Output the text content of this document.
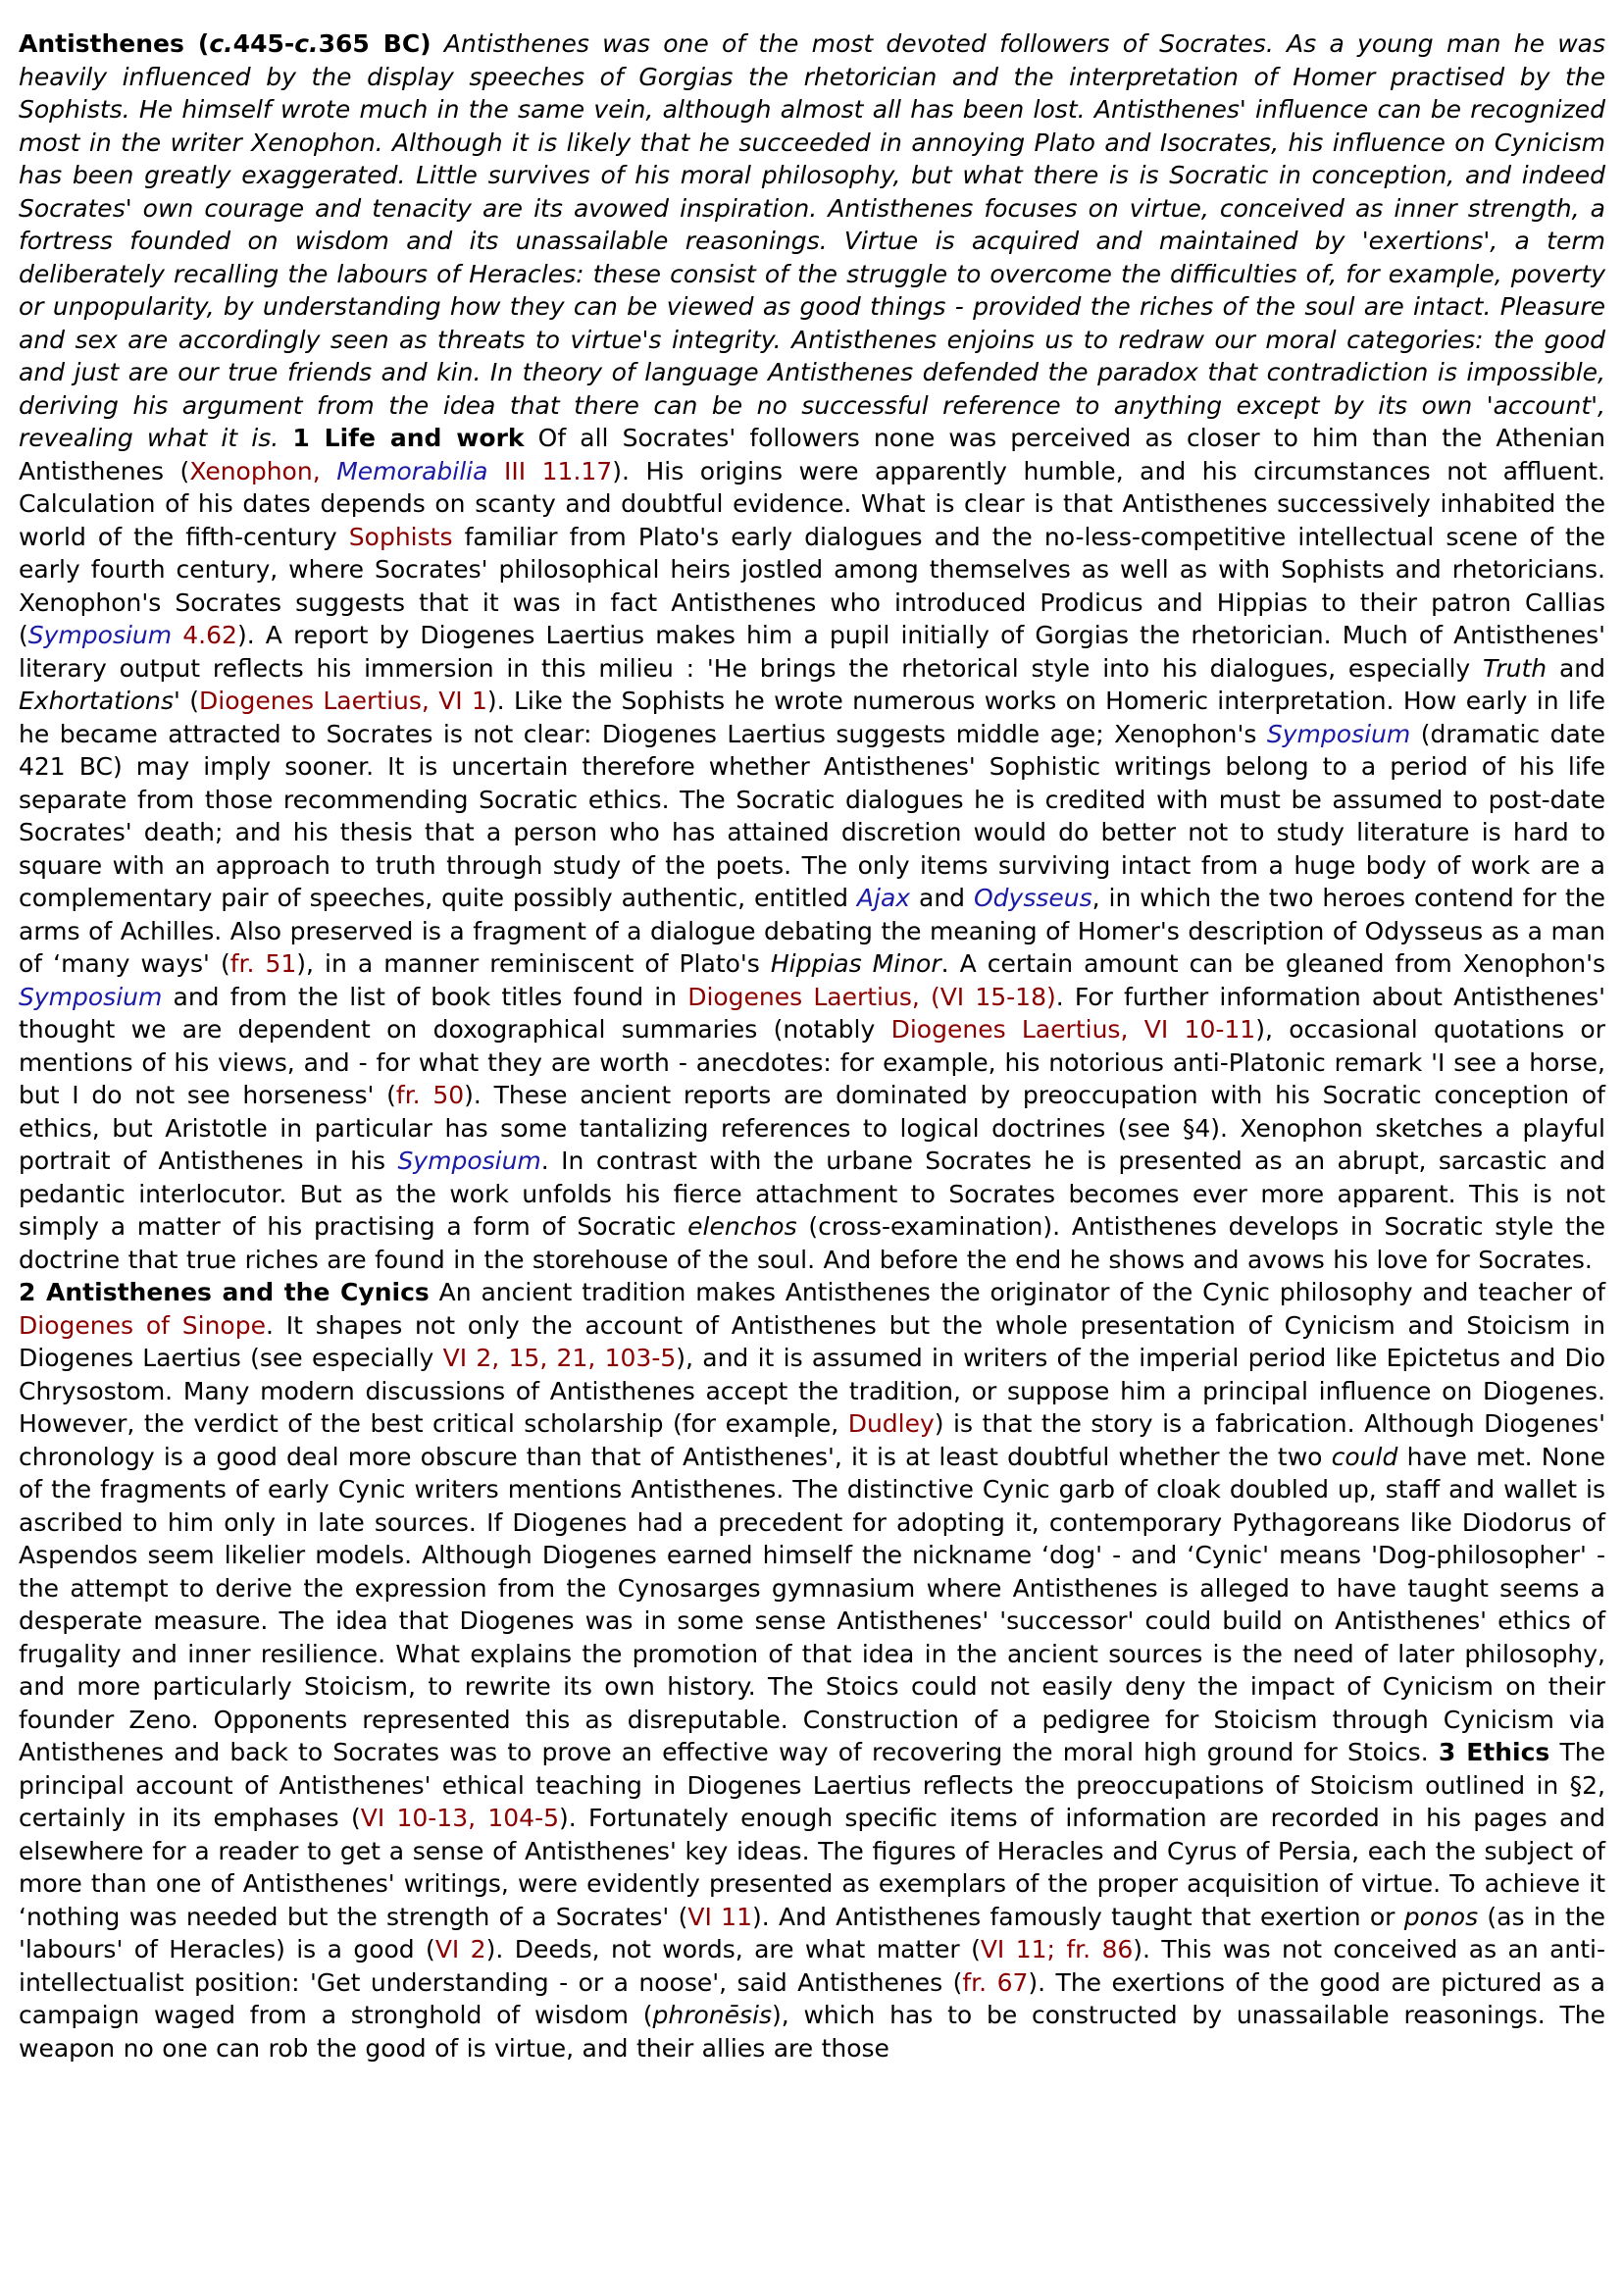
Antisthenes (c.445-c.365 BC) Antisthenes was one of the most devoted followers of Socrates. As a young man he was heavily influenced by the display speeches of Gorgias the rhetorician and the interpretation of Homer practised by the Sophists. He himself wrote much in the same vein, although almost all has been lost. Antisthenes' influence can be recognized most in the writer Xenophon. Although it is likely that he succeeded in annoying Plato and Isocrates, his influence on Cynicism has been greatly exaggerated. Little survives of his moral philosophy, but what there is is Socratic in conception, and indeed Socrates' own courage and tenacity are its avowed inspiration. Antisthenes focuses on virtue, conceived as inner strength, a fortress founded on wisdom and its unassailable reasonings. Virtue is acquired and maintained by 'exertions', a term deliberately recalling the labours of Heracles: these consist of the struggle to overcome the difficulties of, for example, poverty or unpopularity, by understanding how they can be viewed as good things - provided the riches of the soul are intact. Pleasure and sex are accordingly seen as threats to virtue's integrity. Antisthenes enjoins us to redraw our moral categories: the good and just are our true friends and kin. In theory of language Antisthenes defended the paradox that contradiction is impossible, deriving his argument from the idea that there can be no successful reference to anything except by its own 'account', revealing what it is. 1 Life and work Of all Socrates' followers none was perceived as closer to him than the Athenian Antisthenes (Xenophon, Memorabilia III 11.17). His origins were apparently humble, and his circumstances not affluent. Calculation of his dates depends on scanty and doubtful evidence. What is clear is that Antisthenes successively inhabited the world of the fifth-century Sophists familiar from Plato's early dialogues and the no-less-competitive intellectual scene of the early fourth century, where Socrates' philosophical heirs jostled among themselves as well as with Sophists and rhetoricians. Xenophon's Socrates suggests that it was in fact Antisthenes who introduced Prodicus and Hippias to their patron Callias (Symposium 4.62). A report by Diogenes Laertius makes him a pupil initially of Gorgias the rhetorician. Much of Antisthenes' literary output reflects his immersion in this milieu : 'He brings the rhetorical style into his dialogues, especially Truth and Exhortations' (Diogenes Laertius, VI 1). Like the Sophists he wrote numerous works on Homeric interpretation. How early in life he became attracted to Socrates is not clear: Diogenes Laertius suggests middle age; Xenophon's Symposium (dramatic date 421 BC) may imply sooner. It is uncertain therefore whether Antisthenes' Sophistic writings belong to a period of his life separate from those recommending Socratic ethics. The Socratic dialogues he is credited with must be assumed to post-date Socrates' death; and his thesis that a person who has attained discretion would do better not to study literature is hard to square with an approach to truth through study of the poets. The only items surviving intact from a huge body of work are a complementary pair of speeches, quite possibly authentic, entitled Ajax and Odysseus, in which the two heroes contend for the arms of Achilles. Also preserved is a fragment of a dialogue debating the meaning of Homer's description of Odysseus as a man of ‘many ways' (fr. 51), in a manner reminiscent of Plato's Hippias Minor. A certain amount can be gleaned from Xenophon's Symposium and from the list of book titles found in Diogenes Laertius, (VI 15-18). For further information about Antisthenes' thought we are dependent on doxographical summaries (notably Diogenes Laertius, VI 10-11), occasional quotations or mentions of his views, and - for what they are worth - anecdotes: for example, his notorious anti-Platonic remark 'I see a horse, but I do not see horseness' (fr. 50). These ancient reports are dominated by preoccupation with his Socratic conception of ethics, but Aristotle in particular has some tantalizing references to logical doctrines (see §4). Xenophon sketches a playful portrait of Antisthenes in his Symposium. In contrast with the urbane Socrates he is presented as an abrupt, sarcastic and pedantic interlocutor. But as the work unfolds his fierce attachment to Socrates becomes ever more apparent. This is not simply a matter of his practising a form of Socratic elenchos (cross-examination). Antisthenes develops in Socratic style the doctrine that true riches are found in the storehouse of the soul. And before the end he shows and avows his love for Socrates.
2 Antisthenes and the Cynics An ancient tradition makes Antisthenes the originator of the Cynic philosophy and teacher of Diogenes of Sinope. It shapes not only the account of Antisthenes but the whole presentation of Cynicism and Stoicism in Diogenes Laertius (see especially VI 2, 15, 21, 103-5), and it is assumed in writers of the imperial period like Epictetus and Dio Chrysostom. Many modern discussions of Antisthenes accept the tradition, or suppose him a principal influence on Diogenes. However, the verdict of the best critical scholarship (for example, Dudley) is that the story is a fabrication. Although Diogenes' chronology is a good deal more obscure than that of Antisthenes', it is at least doubtful whether the two could have met. None of the fragments of early Cynic writers mentions Antisthenes. The distinctive Cynic garb of cloak doubled up, staff and wallet is ascribed to him only in late sources. If Diogenes had a precedent for adopting it, contemporary Pythagoreans like Diodorus of Aspendos seem likelier models. Although Diogenes earned himself the nickname ‘dog' - and ‘Cynic' means 'Dog-philosopher' - the attempt to derive the expression from the Cynosarges gymnasium where Antisthenes is alleged to have taught seems a desperate measure. The idea that Diogenes was in some sense Antisthenes' 'successor' could build on Antisthenes' ethics of frugality and inner resilience. What explains the promotion of that idea in the ancient sources is the need of later philosophy, and more particularly Stoicism, to rewrite its own history. The Stoics could not easily deny the impact of Cynicism on their founder Zeno. Opponents represented this as disreputable. Construction of a pedigree for Stoicism through Cynicism via Antisthenes and back to Socrates was to prove an effective way of recovering the moral high ground for Stoics. 3 Ethics The principal account of Antisthenes' ethical teaching in Diogenes Laertius reflects the preoccupations of Stoicism outlined in §2, certainly in its emphases (VI 10-13, 104-5). Fortunately enough specific items of information are recorded in his pages and elsewhere for a reader to get a sense of Antisthenes' key ideas. The figures of Heracles and Cyrus of Persia, each the subject of more than one of Antisthenes' writings, were evidently presented as exemplars of the proper acquisition of virtue. To achieve it ‘nothing was needed but the strength of a Socrates' (VI 11). And Antisthenes famously taught that exertion or ponos (as in the 'labours' of Heracles) is a good (VI 2). Deeds, not words, are what matter (VI 11; fr. 86). This was not conceived as an anti-intellectualist position: 'Get understanding - or a noose', said Antisthenes (fr. 67). The exertions of the good are pictured as a campaign waged from a stronghold of wisdom (phronēsis), which has to be constructed by unassailable reasonings. The weapon no one can rob the good of is virtue, and their allies are those
